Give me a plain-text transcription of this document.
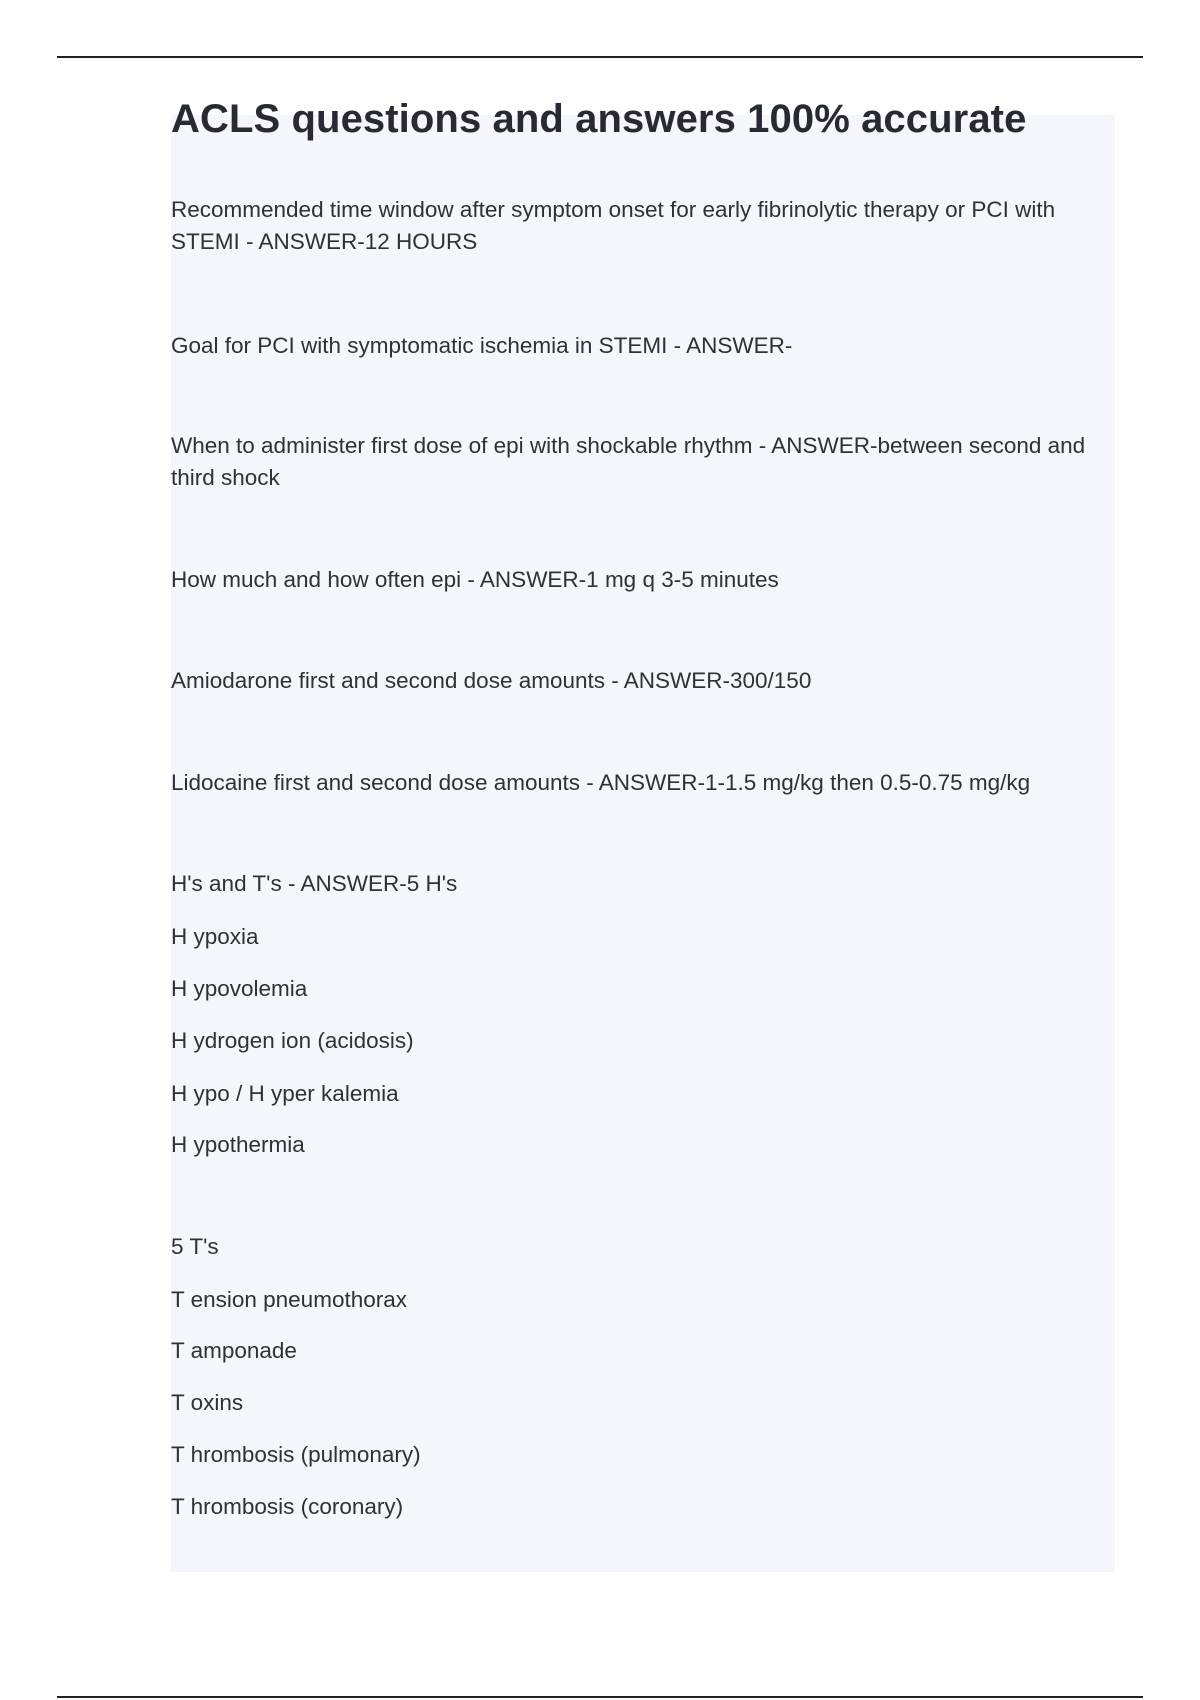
ACLS questions and answers 100% accurate

Recommended time window after symptom onset for early fibrinolytic therapy or PCI with STEMI - ANSWER-12 HOURS

Goal for PCI with symptomatic ischemia in STEMI - ANSWER-

When to administer first dose of epi with shockable rhythm - ANSWER-between second and third shock

How much and how often epi - ANSWER-1 mg q 3-5 minutes

Amiodarone first and second dose amounts - ANSWER-300/150

Lidocaine first and second dose amounts - ANSWER-1-1.5 mg/kg then 0.5-0.75 mg/kg

H's and T's - ANSWER-5 H's

H ypoxia

H ypovolemia

H ydrogen ion (acidosis)

H ypo / H yper kalemia

H ypothermia

5 T's

T ension pneumothorax

T amponade

T oxins

T hrombosis (pulmonary)

T hrombosis (coronary)
